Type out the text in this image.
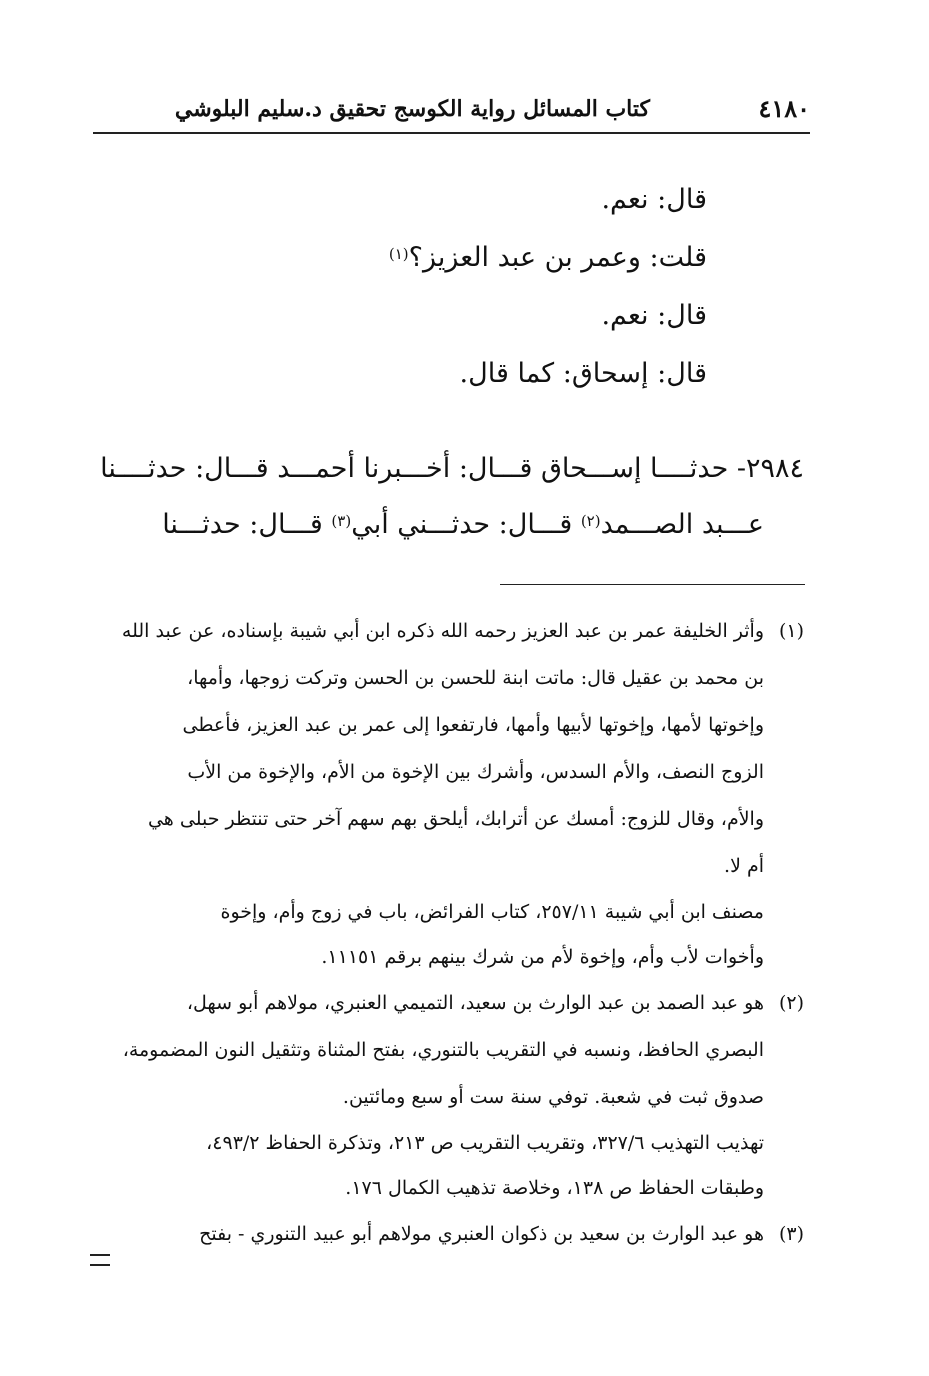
٤١٨٠
كتاب المسائل رواية الكوسج تحقيق د.سليم البلوشي
قال: نعم.
قلت: وعمر بن عبد العزيز؟$^{(١)}$
قال: نعم.
قال: إسحاق: كما قال.
٢٩٨٤- حدثــــا إســـحاق قـــال: أخـــبرنا أحمـــد قـــال: حدثــــنا
عـــبد الصـــمد$^{(٢)}$ قـــال: حدثـــني أبي$^{(٣)}$ قـــال: حدثـــنا
(١)
وأثر الخليفة عمر بن عبد العزيز رحمه الله ذكره ابن أبي شيبة بإسناده، عن عبد الله
بن محمد بن عقيل قال: ماتت ابنة للحسن بن الحسن وتركت زوجها، وأمها،
وإخوتها لأمها، وإخوتها لأبيها وأمها، فارتفعوا إلى عمر بن عبد العزيز، فأعطى
الزوج النصف، والأم السدس، وأشرك بين الإخوة من الأم، والإخوة من الأب
والأم، وقال للزوج: أمسك عن أترابك، أيلحق بهم سهم آخر حتى تنتظر حبلى هي
أم لا.
مصنف ابن أبي شيبة ٢٥٧/١١، كتاب الفرائض، باب في زوج وأم، وإخوة
وأخوات لأب وأم، وإخوة لأم من شرك بينهم برقم ١١١٥١.
(٢)
هو عبد الصمد بن عبد الوارث بن سعيد، التميمي العنبري، مولاهم أبو سهل،
البصري الحافظ، ونسبه في التقريب بالتنوري، بفتح المثناة وتثقيل النون المضمومة،
صدوق ثبت في شعبة. توفي سنة ست أو سبع ومائتين.
تهذيب التهذيب ٣٢٧/٦، وتقريب التقريب ص ٢١٣، وتذكرة الحفاظ ٤٩٣/٢،
وطبقات الحفاظ ص ١٣٨، وخلاصة تذهيب الكمال ١٧٦.
(٣)
هو عبد الوارث بن سعيد بن ذكوان العنبري مولاهم أبو عبيد التنوري - بفتح
